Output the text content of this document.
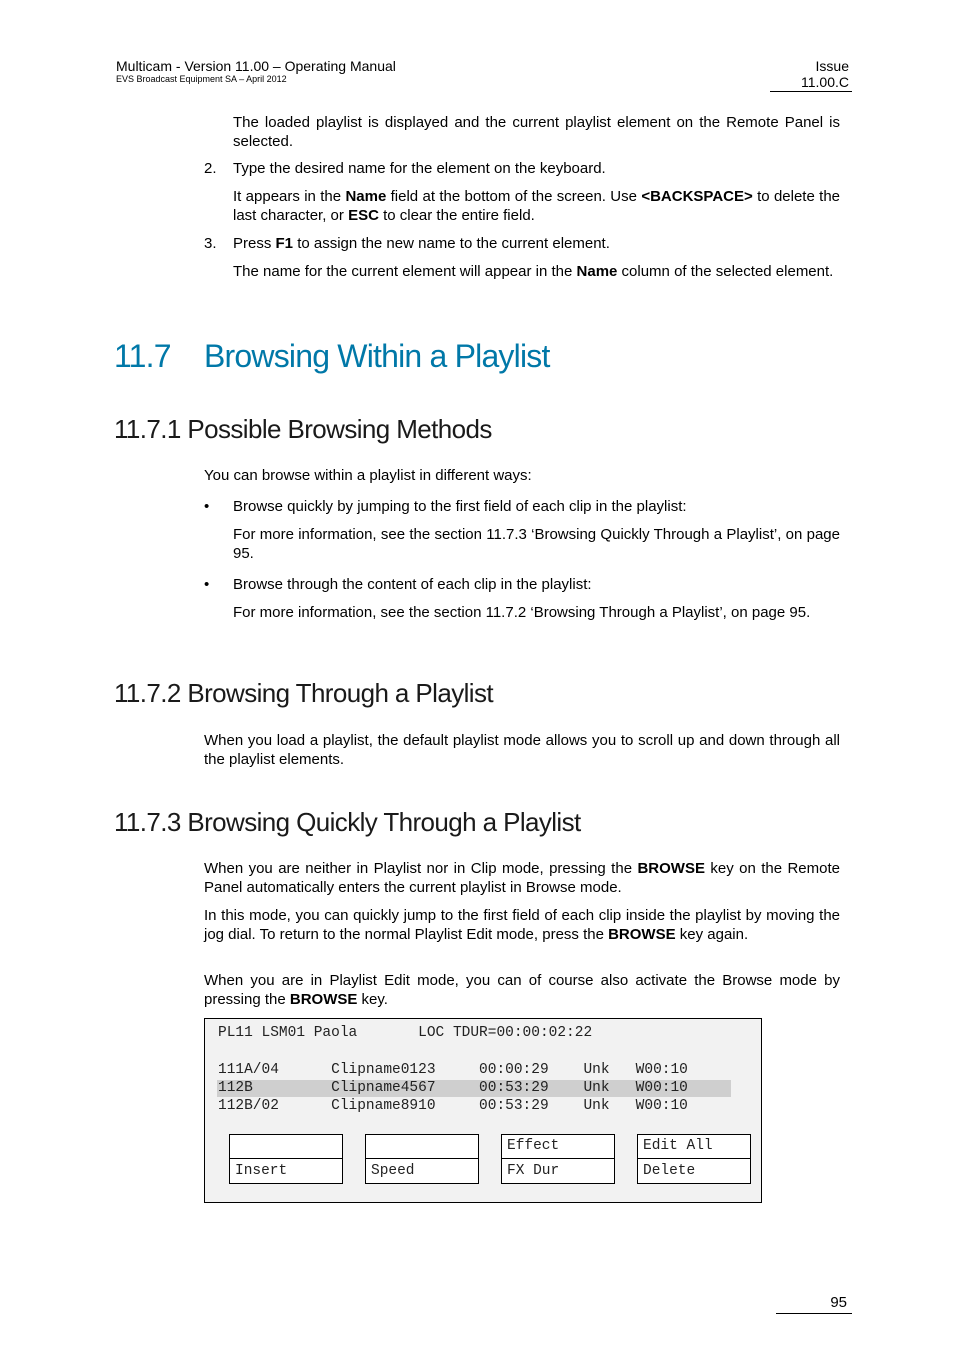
Multicam - Version 11.00 – Operating Manual
EVS Broadcast Equipment SA – April 2012
Issue
11.00.C
The loaded playlist is displayed and the current playlist element on the Remote Panel is selected.
2. Type the desired name for the element on the keyboard.
It appears in the Name field at the bottom of the screen. Use <BACKSPACE> to delete the last character, or ESC to clear the entire field.
3. Press F1 to assign the new name to the current element.
The name for the current element will appear in the Name column of the selected element.
11.7 Browsing Within a Playlist
11.7.1 Possible Browsing Methods
You can browse within a playlist in different ways:
• Browse quickly by jumping to the first field of each clip in the playlist:
For more information, see the section 11.7.3 ‘Browsing Quickly Through a Playlist’, on page 95.
• Browse through the content of each clip in the playlist:
For more information, see the section 11.7.2 ‘Browsing Through a Playlist’, on page 95.
11.7.2 Browsing Through a Playlist
When you load a playlist, the default playlist mode allows you to scroll up and down through all the playlist elements.
11.7.3 Browsing Quickly Through a Playlist
When you are neither in Playlist nor in Clip mode, pressing the BROWSE key on the Remote Panel automatically enters the current playlist in Browse mode.
In this mode, you can quickly jump to the first field of each clip inside the playlist by moving the jog dial. To return to the normal Playlist Edit mode, press the BROWSE key again.
When you are in Playlist Edit mode, you can of course also activate the Browse mode by pressing the BROWSE key.
PL11 LSM01 Paola       LOC TDUR=00:00:02:22
111A/04      Clipname0123     00:00:29    Unk   W00:10
112B         Clipname4567     00:53:29    Unk   W00:10
112B/02      Clipname8910     00:53:29    Unk   W00:10
Insert	Speed
Effect
FX Dur
Edit All
Delete
95
